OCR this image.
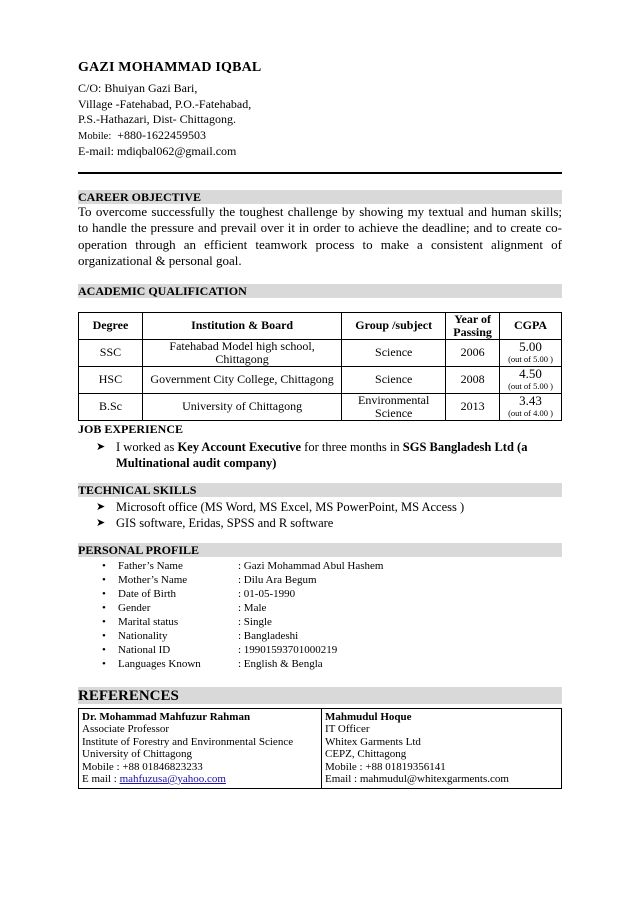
GAZI MOHAMMAD IQBAL
C/O: Bhuiyan Gazi Bari,
Village -Fatehabad, P.O.-Fatehabad,
P.S.-Hathazari, Dist- Chittagong.
Mobile: +880-1622459503
E-mail: mdiqbal062@gmail.com
CAREER OBJECTIVE
To overcome successfully the toughest challenge by showing my textual and human skills; to handle the pressure and prevail over it in order to achieve the deadline; and to create co-operation through an efficient teamwork process to make a consistent alignment of organizational & personal goal.
ACADEMIC QUALIFICATION
Degree	Institution & Board	Group /subject	Year of Passing	CGPA
SSC	Fatehabad Model high school, Chittagong	Science	2006	5.00
(out of 5.00 )

HSC	Government City College, Chittagong	Science	2008	4.50
(out of 5.00 )

B.Sc	University of Chittagong	Environmental Science	2013	3.43
(out of 4.00 )
JOB EXPERIENCE
➤ I worked as Key Account Executive for three months in SGS Bangladesh Ltd (a Multinational audit company)
TECHNICAL SKILLS
➤ Microsoft office (MS Word, MS Excel, MS PowerPoint, MS Access )
➤ GIS software, Eridas, SPSS and R software
PERSONAL PROFILE
• Father’s Name	: Gazi Mohammad Abul Hashem
• Mother’s Name	: Dilu Ara Begum
• Date of Birth	: 01-05-1990
• Gender	: Male
• Marital status	: Single
• Nationality	: Bangladeshi
• National ID	: 19901593701000219
• Languages Known	: English & Bengla
REFERENCES
Dr. Mohammad Mahfuzur Rahman
Associate Professor
Institute of Forestry and Environmental Science
University of Chittagong
Mobile : +88 01846823233
E mail : mahfuzusa@yahoo.com

Mahmudul Hoque
IT Officer
Whitex Garments Ltd
CEPZ, Chittagong
Mobile : +88 01819356141
Email : mahmudul@whitexgarments.com
